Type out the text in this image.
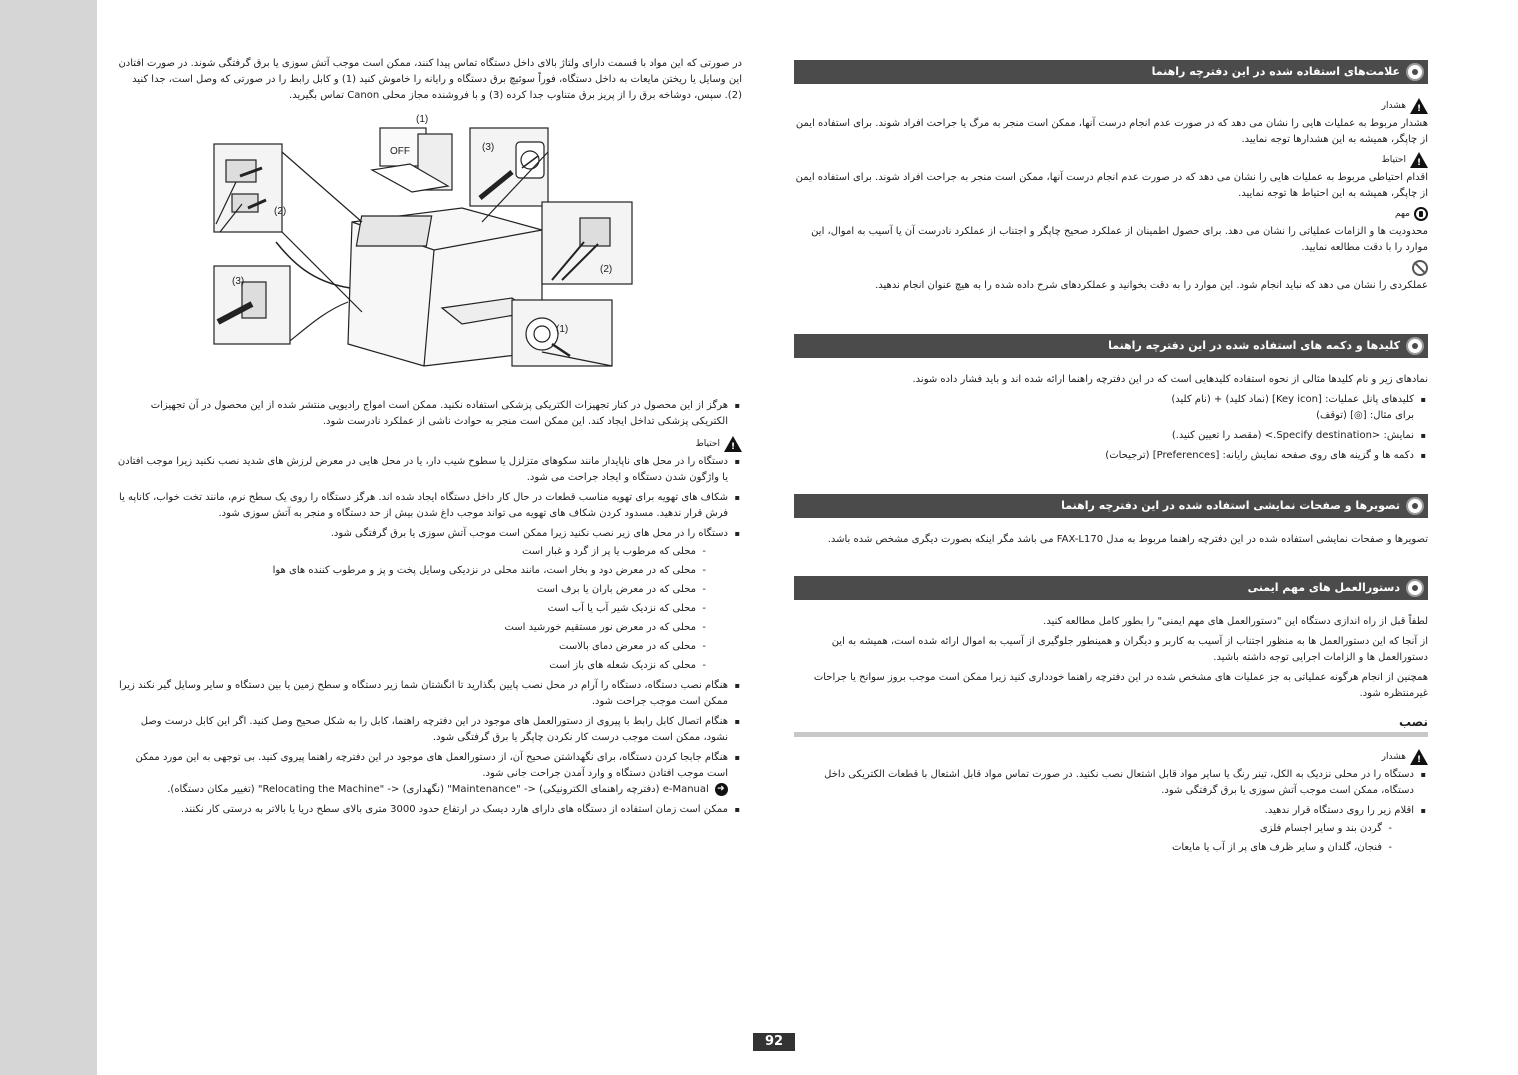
علامت‌های استفاده شده در این دفترچه راهنما
!
هشدار

هشدار مربوط به عملیات هایی را نشان می دهد که در صورت عدم انجام درست آنها، ممکن است منجر به مرگ یا جراحت افراد شوند. برای استفاده ایمن از چاپگر، همیشه به این هشدارها توجه نمایید.

!
احتیاط

اقدام احتیاطی مربوط به عملیات هایی را نشان می دهد که در صورت عدم انجام درست آنها، ممکن است منجر به جراحت افراد شوند. برای استفاده ایمن از چاپگر، همیشه به این احتیاط ها توجه نمایید.

مهم

محدودیت ها و الزامات عملیاتی را نشان می دهد. برای حصول اطمینان از عملکرد صحیح چاپگر و اجتناب از عملکرد نادرست آن یا آسیب به اموال، این موارد را با دقت مطالعه نمایید.

عملکردی را نشان می دهد که نباید انجام شود. این موارد را به دقت بخوانید و عملکردهای شرح داده شده را به هیچ عنوان انجام ندهید.

کلیدها و دکمه های استفاده شده در این دفترچه راهنما

نمادهای زیر و نام کلیدها مثالی از نحوه استفاده کلیدهایی است که در این دفترچه راهنما ارائه شده اند و باید فشار داده شوند.

▪ کلیدهای پانل عملیات: [Key icon] (نماد کلید) + (نام کلید)
برای مثال: [◎] (توقف)
▪ نمایش: <Specify destination.> (مقصد را تعیین کنید.)
▪ دکمه ها و گزینه های روی صفحه نمایش رایانه: [Preferences] (ترجیحات)
تصویرها و صفحات نمایشی استفاده شده در این دفترچه راهنما

تصویرها و صفحات نمایشی استفاده شده در این دفترچه راهنما مربوط به مدل FAX-L170 می باشد مگر اینکه بصورت دیگری مشخص شده باشد.

دستورالعمل های مهم ایمنی

لطفاً قبل از راه اندازی دستگاه این "دستورالعمل های مهم ایمنی" را بطور کامل مطالعه کنید.

از آنجا که این دستورالعمل ها به منظور اجتناب از آسیب به کاربر و دیگران و همینطور جلوگیری از آسیب به اموال ارائه شده است، همیشه به این دستورالعمل ها و الزامات اجرایی توجه داشته باشید.

همچنین از انجام هرگونه عملیاتی به جز عملیات های مشخص شده در این دفترچه راهنما خودداری کنید زیرا ممکن است موجب بروز سوانح یا جراحات غیرمنتظره شود.

نصب
!
هشدار
▪ دستگاه را در محلی نزدیک به الکل، تینر رنگ یا سایر مواد قابل اشتعال نصب نکنید. در صورت تماس مواد قابل اشتعال با قطعات الکتریکی داخل دستگاه، ممکن است موجب آتش سوزی یا برق گرفتگی شود.
▪ اقلام زیر را روی دستگاه قرار ندهید.
- گردن بند و سایر اجسام فلزی
- فنجان، گلدان و سایر ظرف های پر از آب یا مایعات

در صورتی که این مواد با قسمت دارای ولتاژ بالای داخل دستگاه تماس پیدا کنند، ممکن است موجب آتش سوزی یا برق گرفتگی شوند. در صورت افتادن این وسایل یا ریختن مایعات به داخل دستگاه، فوراً سوئیچ برق دستگاه و رایانه را خاموش کنید (1) و کابل رابط را در صورتی که وصل است، جدا کنید (2). سپس، دوشاخه برق را از پریز برق متناوب جدا کرده (3) و با فروشنده مجاز محلی Canon تماس بگیرید.

(1)
OFF	(3)
(2)
(3)
(2)
(1)
▪ هرگز از این محصول در کنار تجهیزات الکتریکی پزشکی استفاده نکنید. ممکن است امواج رادیویی منتشر شده از این محصول در آن تجهیزات الکتریکی پزشکی تداخل ایجاد کند. این ممکن است منجر به حوادث ناشی از عملکرد نادرست شود.
!
احتیاط
▪ دستگاه را در محل های ناپایدار مانند سکوهای متزلزل یا سطوح شیب دار، یا در محل هایی در معرض لرزش های شدید نصب نکنید زیرا موجب افتادن یا واژگون شدن دستگاه و ایجاد جراحت می شود.
▪ شکاف های تهویه برای تهویه مناسب قطعات در حال کار داخل دستگاه ایجاد شده اند. هرگز دستگاه را روی یک سطح نرم، مانند تخت خواب، کاناپه یا فرش قرار ندهید. مسدود کردن شکاف های تهویه می تواند موجب داغ شدن بیش از حد دستگاه و منجر به آتش سوزی شود.
▪ دستگاه را در محل های زیر نصب نکنید زیرا ممکن است موجب آتش سوزی یا برق گرفتگی شود.
- محلی که مرطوب یا پر از گرد و غبار است
- محلی که در معرض دود و بخار است، مانند محلی در نزدیکی وسایل پخت و پز و مرطوب کننده های هوا
- محلی که در معرض باران یا برف است
- محلی که نزدیک شیر آب یا آب است
- محلی که در معرض نور مستقیم خورشید است
- محلی که در معرض دمای بالاست
- محلی که نزدیک شعله های باز است
▪ هنگام نصب دستگاه، دستگاه را آرام در محل نصب پایین بگذارید تا انگشتان شما زیر دستگاه و سطح زمین یا بین دستگاه و سایر وسایل گیر نکند زیرا ممکن است موجب جراحت شود.
▪ هنگام اتصال کابل رابط با پیروی از دستورالعمل های موجود در این دفترچه راهنما، کابل را به شکل صحیح وصل کنید. اگر این کابل درست وصل نشود، ممکن است موجب درست کار نکردن چاپگر یا برق گرفتگی شود.
▪ هنگام جابجا کردن دستگاه، برای نگهداشتن صحیح آن، از دستورالعمل های موجود در این دفترچه راهنما پیروی کنید. بی توجهی به این مورد ممکن است موجب افتادن دستگاه و وارد آمدن جراحت جانی شود.
➜ e-Manual (دفترچه راهنمای الکترونیکی) <- "Maintenance" (نگهداری) <- "Relocating the Machine" (تغییر مکان دستگاه).
▪ ممکن است زمان استفاده از دستگاه های دارای هارد دیسک در ارتفاع حدود 3000 متری بالای سطح دریا یا بالاتر به درستی کار نکنند.
92
